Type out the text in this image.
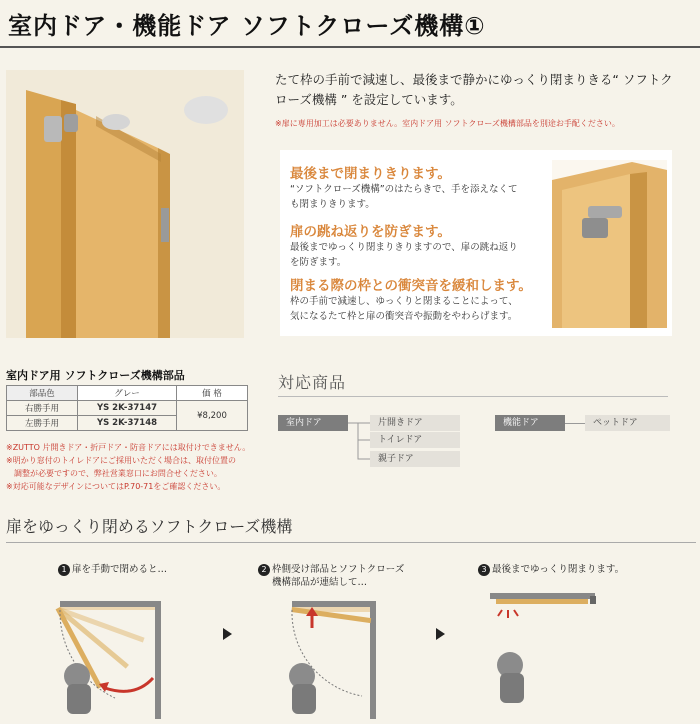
室内ドア・機能ドア ソフトクローズ機構①
たて枠の手前で減速し、最後まで静かにゆっくり閉まりきる“ ソフトク
ローズ機構 ” を設定しています。
※扉に専用加工は必要ありません。室内ドア用 ソフトクローズ機構部品を別途お手配ください。
最後まで閉まりきります。
“ソフトクローズ機構”のはたらきで、手を添えなくて
も閉まりきります。
扉の跳ね返りを防ぎます。
最後までゆっくり閉まりきりますので、扉の跳ね返り
を防ぎます。
閉まる際の枠との衝突音を緩和します。
枠の手前で減速し、ゆっくりと閉まることによって、
気になるたて枠と扉の衝突音や振動をやわらげます。
室内ドア用 ソフトクローズ機構部品
部品色	グレー	価 格
右勝手用	YS 2K-37147	¥8,200
左勝手用	YS 2K-37148	
※ZUTTO 片開きドア・折戸ドア・防音ドアには取付けできません。
※明かり窓付のトイレドアにご採用いただく場合は、取付位置の
　調整が必要ですので、弊社営業窓口にお問合せください。
※対応可能なデザインについてはP.70-71をご確認ください。
対応商品
室内ドア	片開きドア
トイレドア
親子ドア
機能ドア	ペットドア
扉をゆっくり閉めるソフトクローズ機構
1 扉を手動で閉めると…	2 枠側受け部品とソフトクローズ
機構部品が連結して…
3 最後までゆっくり閉まります。
